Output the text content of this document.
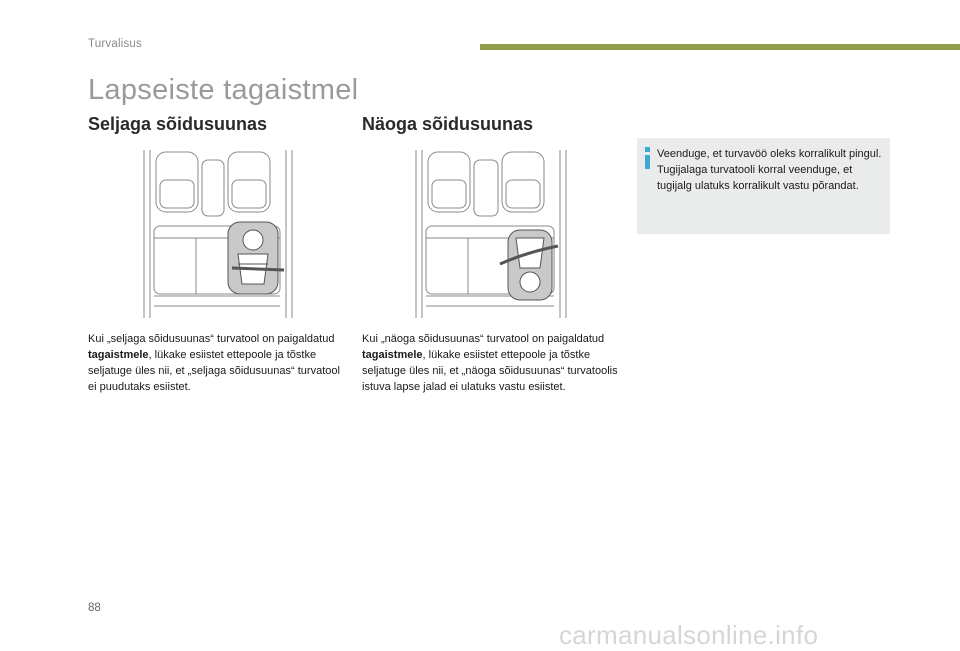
Turvalisus
Lapseiste tagaistmel
Seljaga sõidusuunas

Kui „seljaga sõidusuunas“ turvatool on paigaldatud tagaistmele, lükake esiistet ettepoole ja tõstke seljatuge üles nii, et „seljaga sõidusuunas“ turvatool ei puudutaks esiistet.

Näoga sõidusuunas

Kui „näoga sõidusuunas“ turvatool on paigaldatud tagaistmele, lükake esiistet ettepoole ja tõstke seljatuge üles nii, et „näoga sõidusuunas“ turvatoolis istuva lapse jalad ei ulatuks vastu esiistet.

Veenduge, et turvavöö oleks korralikult pingul. Tugijalaga turvatooli korral veenduge, et tugijalg ulatuks korralikult vastu põrandat.

88
carmanualsonline.info
